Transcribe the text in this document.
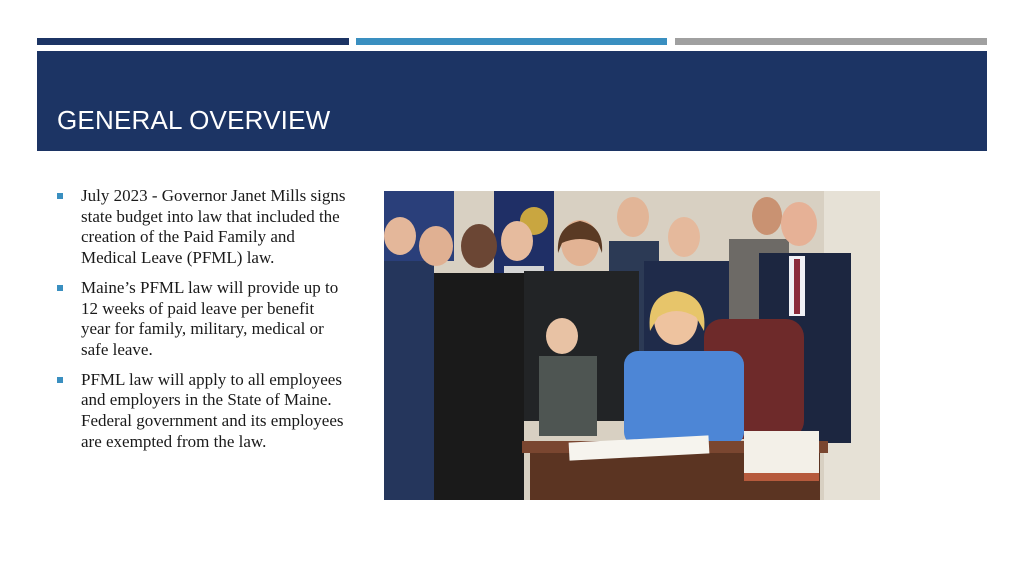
GENERAL OVERVIEW
July 2023 - Governor Janet Mills signs state budget into law that included the creation of the Paid Family and Medical Leave (PFML) law.
Maine’s PFML law will provide up to 12 weeks of paid leave per benefit year for family, military, medical or safe leave.
PFML law will apply to all employees and employers in the State of Maine. Federal government and its employees are exempted from the law.
